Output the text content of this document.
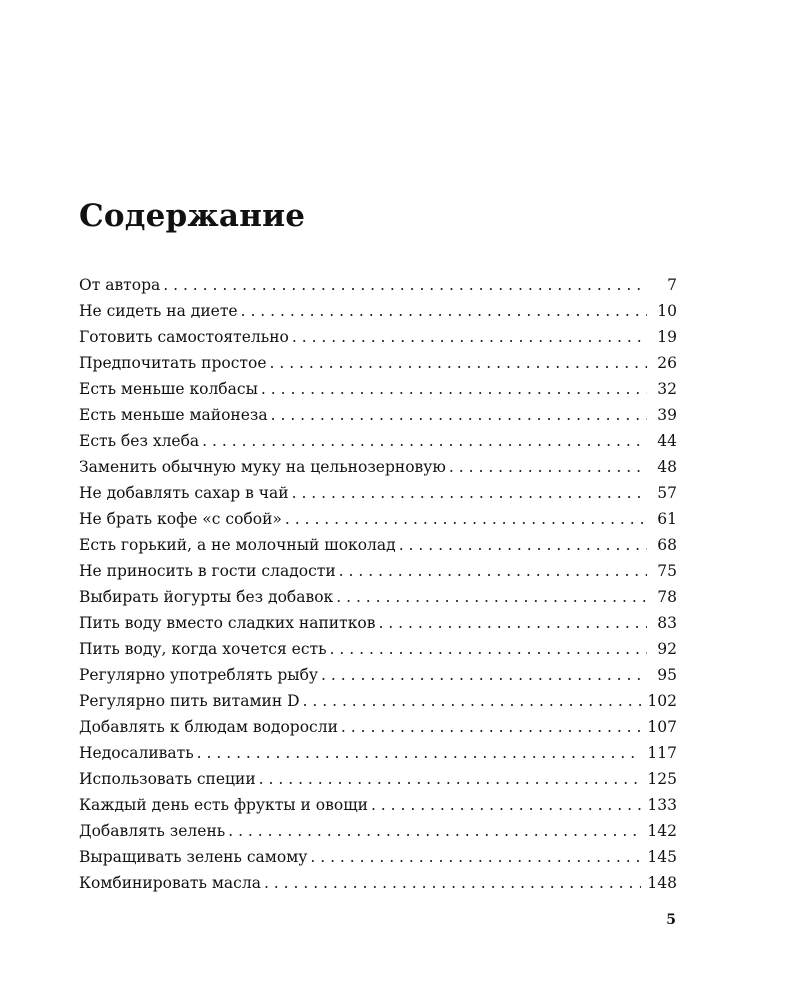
Содержание
От автора . . .	7
Не сидеть на диете . . .	10
Готовить самостоятельно . . .	19
Предпочитать простое . . .	26
Есть меньше колбасы . . .	32
Есть меньше майонеза . . .	39
Есть без хлеба . . .	44
Заменить обычную муку на цельнозерновую . . .	48
Не добавлять сахар в чай . . .	57
Не брать кофе «с собой» . . .	61
Есть горький, а не молочный шоколад . . .	68
Не приносить в гости сладости . . .	75
Выбирать йогурты без добавок . . .	78
Пить воду вместо сладких напитков . . .	83
Пить воду, когда хочется есть . . .	92
Регулярно употреблять рыбу . . .	95
Регулярно пить витамин D . . .	102
Добавлять к блюдам водоросли . . .	107
Недосаливать . . .	117
Использовать специи . . .	125
Каждый день есть фрукты и овощи . . .	133
Добавлять зелень . . .	142
Выращивать зелень самому . . .	145
Комбинировать масла . . .	148
5
